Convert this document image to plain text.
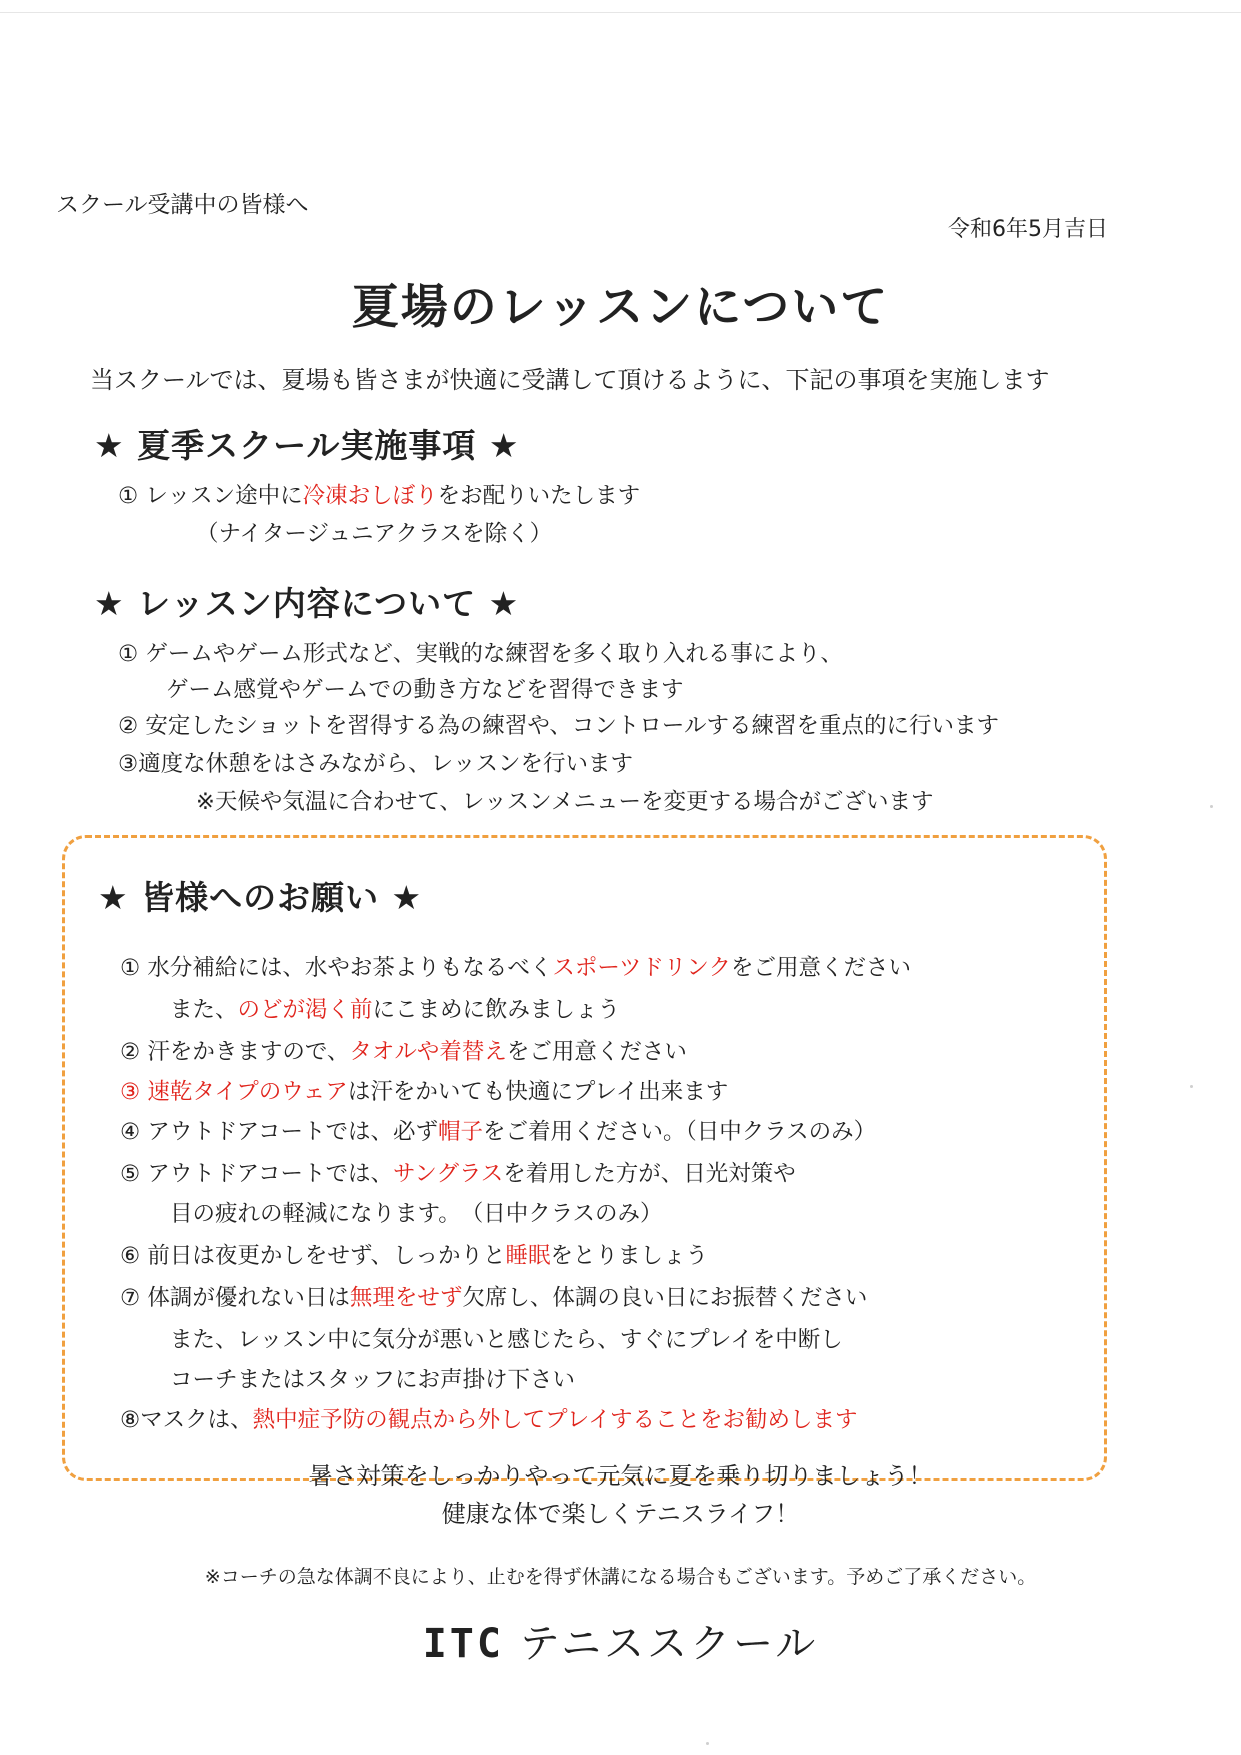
スクール受講中の皆様へ
令和6年5月吉日
夏場のレッスンについて
当スクールでは、夏場も皆さまが快適に受講して頂けるように、下記の事項を実施します
★ 夏季スクール実施事項 ★
① レッスン途中に冷凍おしぼりをお配りいたします
（ナイタージュニアクラスを除く）
★ レッスン内容について ★
① ゲームやゲーム形式など、実戦的な練習を多く取り入れる事により、
ゲーム感覚やゲームでの動き方などを習得できます
② 安定したショットを習得する為の練習や、コントロールする練習を重点的に行います
③適度な休憩をはさみながら、レッスンを行います
※天候や気温に合わせて、レッスンメニューを変更する場合がございます
★ 皆様へのお願い ★
① 水分補給には、水やお茶よりもなるべくスポーツドリンクをご用意ください
また、のどが渇く前にこまめに飲みましょう
② 汗をかきますので、タオルや着替えをご用意ください
③ 速乾タイプのウェアは汗をかいても快適にプレイ出来ます
④ アウトドアコートでは、必ず帽子をご着用ください。（日中クラスのみ）
⑤ アウトドアコートでは、サングラスを着用した方が、日光対策や
目の疲れの軽減になります。　（日中クラスのみ）
⑥ 前日は夜更かしをせず、しっかりと睡眠をとりましょう
⑦ 体調が優れない日は無理をせず欠席し、体調の良い日にお振替ください
また、レッスン中に気分が悪いと感じたら、すぐにプレイを中断し
コーチまたはスタッフにお声掛け下さい
⑧マスクは、熱中症予防の観点から外してプレイすることをお勧めします
暑さ対策をしっかりやって元気に夏を乗り切りましょう！
健康な体で楽しくテニスライフ！
※コーチの急な体調不良により、止むを得ず休講になる場合もございます。予めご了承ください。
ITC テニススクール
